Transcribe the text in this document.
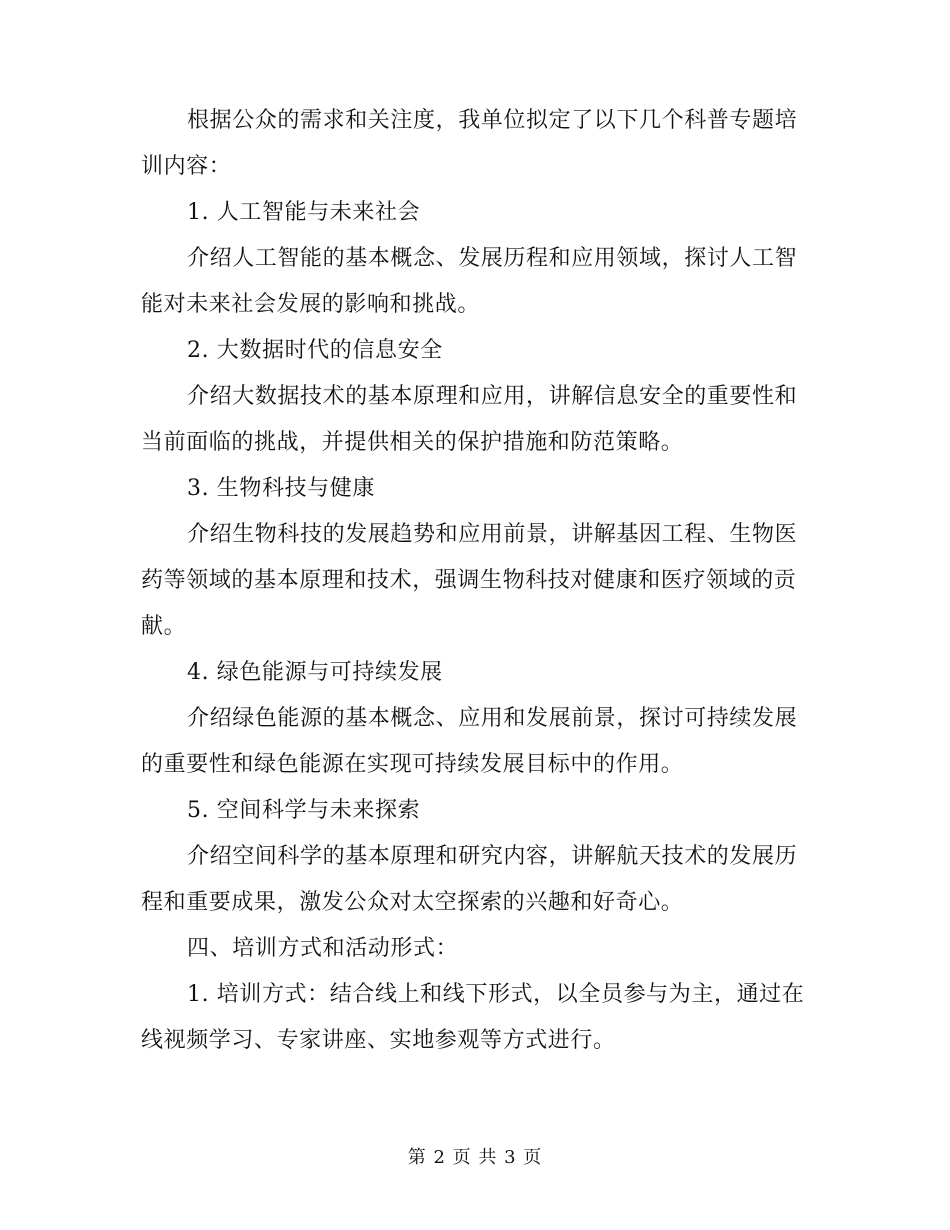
根据公众的需求和关注度，我单位拟定了以下几个科普专题培训内容：

1. 人工智能与未来社会

介绍人工智能的基本概念、发展历程和应用领域，探讨人工智能对未来社会发展的影响和挑战。

2. 大数据时代的信息安全

介绍大数据技术的基本原理和应用，讲解信息安全的重要性和当前面临的挑战，并提供相关的保护措施和防范策略。

3. 生物科技与健康

介绍生物科技的发展趋势和应用前景，讲解基因工程、生物医药等领域的基本原理和技术，强调生物科技对健康和医疗领域的贡献。

4. 绿色能源与可持续发展

介绍绿色能源的基本概念、应用和发展前景，探讨可持续发展的重要性和绿色能源在实现可持续发展目标中的作用。

5. 空间科学与未来探索

介绍空间科学的基本原理和研究内容，讲解航天技术的发展历程和重要成果，激发公众对太空探索的兴趣和好奇心。

四、培训方式和活动形式：

1. 培训方式：结合线上和线下形式，以全员参与为主，通过在线视频学习、专家讲座、实地参观等方式进行。

第 2 页 共 3 页
